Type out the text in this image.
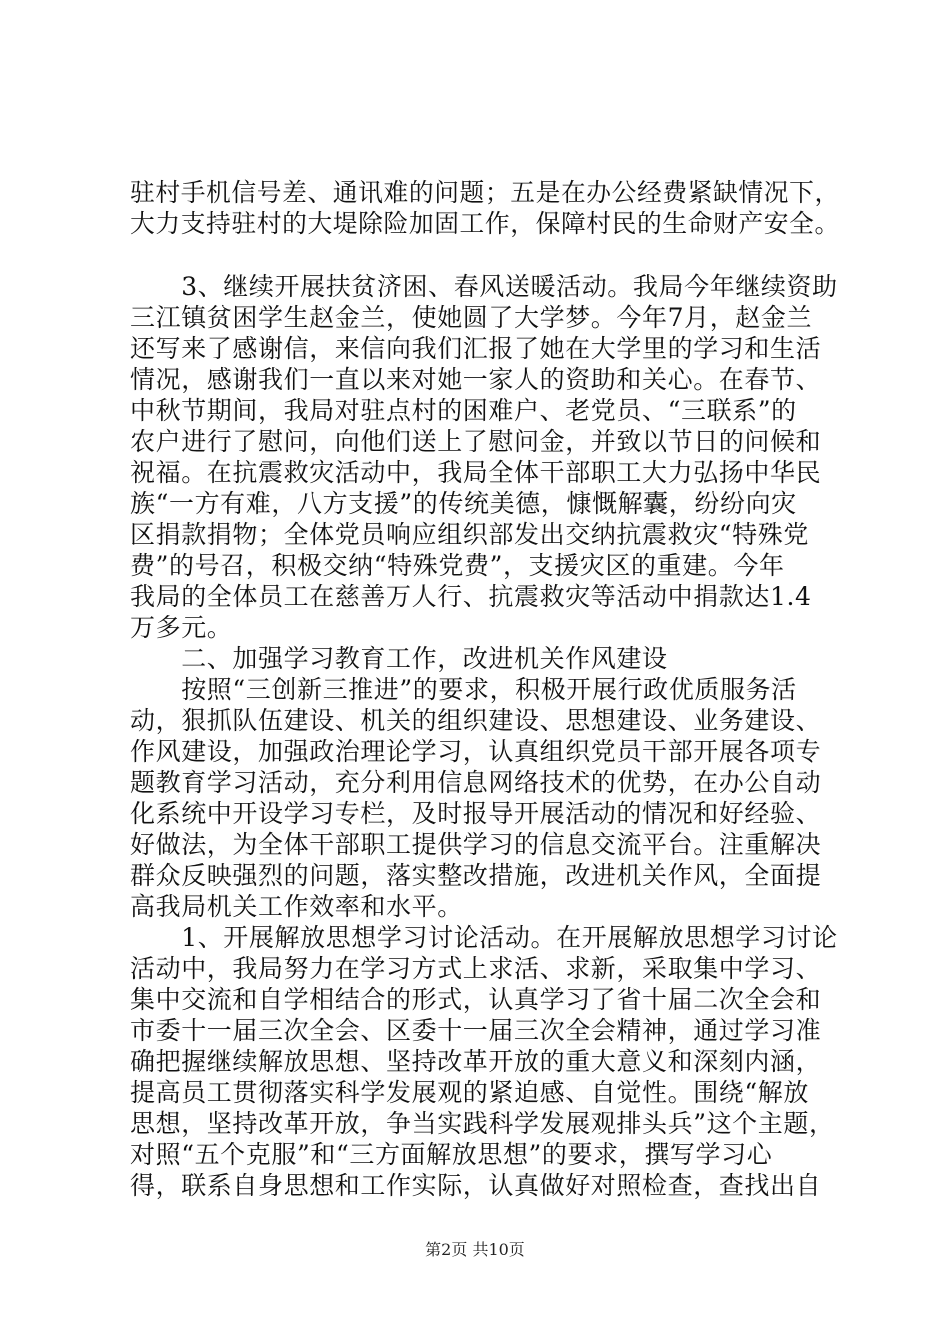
驻村手机信号差、通讯难的问题；五是在办公经费紧缺情况下，
大力支持驻村的大堤除险加固工作，保障村民的生命财产安全。
　　3、继续开展扶贫济困、春风送暖活动。我局今年继续资助
三江镇贫困学生赵金兰，使她圆了大学梦。今年7月，赵金兰
还写来了感谢信，来信向我们汇报了她在大学里的学习和生活
情况，感谢我们一直以来对她一家人的资助和关心。在春节、
中秋节期间，我局对驻点村的困难户、老党员、“三联系”的
农户进行了慰问，向他们送上了慰问金，并致以节日的问候和
祝福。在抗震救灾活动中，我局全体干部职工大力弘扬中华民
族“一方有难，八方支援”的传统美德，慷慨解囊，纷纷向灾
区捐款捐物；全体党员响应组织部发出交纳抗震救灾“特殊党
费”的号召，积极交纳“特殊党费”，支援灾区的重建。今年
我局的全体员工在慈善万人行、抗震救灾等活动中捐款达1.4
万多元。
　　二、加强学习教育工作，改进机关作风建设
　　按照“三创新三推进”的要求，积极开展行政优质服务活
动，狠抓队伍建设、机关的组织建设、思想建设、业务建设、
作风建设，加强政治理论学习，认真组织党员干部开展各项专
题教育学习活动，充分利用信息网络技术的优势，在办公自动
化系统中开设学习专栏，及时报导开展活动的情况和好经验、
好做法，为全体干部职工提供学习的信息交流平台。注重解决
群众反映强烈的问题，落实整改措施，改进机关作风，全面提
高我局机关工作效率和水平。
　　1、开展解放思想学习讨论活动。在开展解放思想学习讨论
活动中，我局努力在学习方式上求活、求新，采取集中学习、
集中交流和自学相结合的形式，认真学习了省十届二次全会和
市委十一届三次全会、区委十一届三次全会精神，通过学习准
确把握继续解放思想、坚持改革开放的重大意义和深刻内涵，
提高员工贯彻落实科学发展观的紧迫感、自觉性。围绕“解放
思想，坚持改革开放，争当实践科学发展观排头兵”这个主题，
对照“五个克服”和“三方面解放思想”的要求，撰写学习心
得，联系自身思想和工作实际，认真做好对照检查，查找出自
第2页 共10页
